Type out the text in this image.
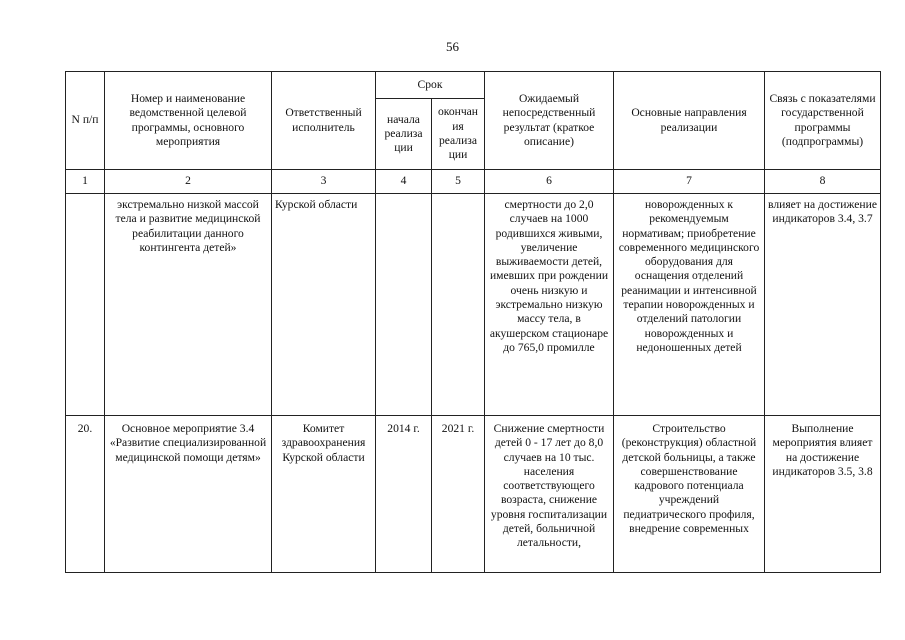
56
N п/п	Номер и наименование ведомственной целевой программы, основного мероприятия	Ответственный исполнитель	Срок		Ожидаемый непосредственный результат (краткое описание)	Основные направления реализации	Связь с показателями государственной программы (подпрограммы)
			начала реализа ции	окончан ия реализа ции			
1	2	3	4	5	6	7	8
	экстремально низкой массой тела и развитие медицинской реабилитации данного контингента детей»	Курской области			смертности до 2,0 случаев на 1000 родившихся живыми, увеличение выживаемости детей, имевших при рождении очень низкую и экстремально низкую массу тела, в акушерском стационаре до 765,0 промилле	новорожденных к рекомендуемым нормативам; приобретение современного медицинского оборудования для оснащения отделений реанимации и интенсивной терапии новорожденных и отделений патологии новорожденных и недоношенных детей	влияет на достижение индикаторов 3.4, 3.7
20.	Основное мероприятие 3.4 «Развитие специализированной медицинской помощи детям»	Комитет здравоохранения Курской области	2014 г.	2021 г.	Снижение смертности детей 0 - 17 лет до 8,0 случаев на 10 тыс. населения соответствующего возраста, снижение уровня госпитализации детей, больничной летальности,	Строительство (реконструкция) областной детской больницы, а также совершенствование кадрового потенциала учреждений педиатрического профиля, внедрение современных	Выполнение мероприятия влияет на достижение индикаторов 3.5, 3.8
